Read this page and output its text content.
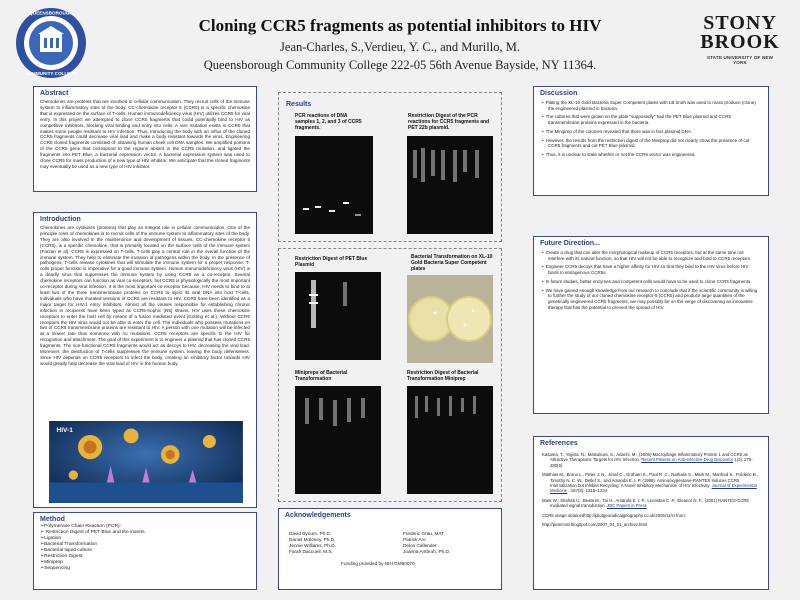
QUEENSBOROUGH
COMMUNITY COLLEGE
Cloning CCR5 fragments as potential inhibitors to HIV
Jean-Charles, S.,Verdieu, Y. C., and Murillo, M.
Queensborough Community College 222-05 56th Avenue Bayside, NY 11364.
STONY
BROOK
STATE UNIVERSITY OF NEW YORK
Abstract
Chemokines are proteins that are involved in cellular communication. They recruit cells of the immune system to inflammatory sites of the body. CC-chemokine receptor 5 (CCR5) is a specific chemokine that is expressed on the surface of T-cells. Human immunodeficiency virus (HIV) utilizes CCR5 for viral entry. In this project we attempted to clone CCR5 fragments that could potentially bind to HIV as competitive inhibitors, blocking viral binding and entry into cells. A rare mutation exists in CCR5 that makes some people resistant to HIV infection. Thus, introducing the body with an influx of the cloned CCR5 fragments could decrease viral load and make a body resistant towards the virus. Engineering CCR5 cloned fragments consisted of: obtaining human cheek cell DNA samples. We amplified portions of the CCR5 gene that correspond to the regions absent in the CCR5 mutation, and ligated the fragments into PET Blue, a bacterial expression vector. A bacterial expression system was used to clone CCR5 for mass production of a new type of HIV inhibitor. We anticipate that the cloned fragments may eventually be used as a new type of HIV inhibitor.
Introduction
Chemokines are cytokines (proteins) that play an integral role in cellular communication. One of the principle roles of chemokines is to recruit cells of the immune system to inflammatory sites of the body. They are also involved in the maintenance and development of tissues. CC-chemokine receptor 5 (CCR5), is a specific chemokine, that is primarily located on the surface cells of the immune system (Farzan et al). CCR5 is expressed on T-cells. T-cells play a central role in the overall function of the immune system. They help to eliminate the invasion of pathogens within the body. In the presence of pathogens, T-cells release cytokines that will stimulate the immune system for a proper response. T-cells proper function is imperative for a good immune system. Human immunodeficiency virus (HIV) is a deadly virus that suppresses the immune system by using CCR5 as a co-receptor. Several chemokine receptors can function as viral co-receptors, but CCR5 is physiologically the most important co-receptor during viral infection. It is the most important co-receptor because, HIV needs to bind to at least two of the three transmembrane proteins on CCR5 to inject its viral DNA into host T-cells. Individuals who have mutated versions of CCR5 are resistant to HIV. CCR5 have been identified as a major target for HIV-1 entry inhibitors. Almost all the viruses responsible for establishing chronic infection in recipients have been typed as CCR5-trophic (R5) strains. HIV uses these chemokine receptors to enter the host cell by means of a fusion mediated event (Gotting et al.). Without CCR5 receptors the HIV virus would not be able to enter the cell. The individuals who possess mutations on two of CCR5 transmembrane proteins are resistant to HIV. A person with one mutation will be infected at a slower rate than someone with no mutations. CCR5 receptors are specific to the HIV for recognition and attachment. The goal of this experiment is to engineer a plasmid that has cloned CCR5 fragments. The non-functional CCR5 fragments would act as decoys to HIV, decreasing the viral load. Moreover, the destruction of T-cells suppresses the immune system, leaving the body defenseless. Since HIV depends on CCR5 receptors to infect the body, creating an inhibitory factor towards HIV would greatly help decrease the viral load of HIV in the human body.
HIV-1
Method
➢Polymerase Chain Reaction (PCR):
➢ Restriction Digest of PET Blue and the inserts.
➢Ligation
➢Bacterial Transformation
➢Bacterial liquid culture
➢Restriction Digest
➢Miniprep
➢Sequencing
Results
PCR reactions of DNA samples 1, 2, and 3 of CCR5 fragments.
Restriction Digest of the PCR reactions for CCR5 fragments and PET 22b plasmid.
Restriction Digest of PET Blue Plasmid
Bacterial Transformation on XL-10 Gold Bacteria Super Competent plates
Minipreps of Bacterial Transformation
Restriction Digest of Bacterial Transformation Miniprep
Acknowledgements
David Bynum, Ph.D.
Daniel Moloney, Ph.D.
Jennie Williams, Ph.D.
Farah Daccueil, M.S.
Frederic Grau, MAT
Patrick Aro
Delon Callender
Joanna Ambroh, Ph.D.
Funding provided by NIH GM50070
Discussion
• Plating the XL-10 Gold Bacteria Super Competent plates with LB broth was used to mass produce (clone) the engineered plasmid in bacteria.
• The cultures that were grown on the plate “supposedly” had the PET Blue plasmid and CCR5 transmembrane proteins expressed in the bacteria.
• The Miniprep of the colonies revealed that there was in fact plasmid DNA.
• However, the results from the restriction digest of the Miniprep did not clearly show the presence of cut CCR5 fragments and cut PET Blue plasmid.
• Thus, it is unclear to state whether or not the CCR5 vector was engineered.
Future Direction...
• Create a drug that can alter the morphological makeup of CCR5 receptors, but at the same time not interfere with its natural function, so that HIV will not be able to recognize and bind to CCR5 receptors.
• Engineer CCR5 decoys that have a higher affinity for HIV so that they bind to the HIV virus before HIV binds to endogenous CCR5s.
• In future studies, better enzymes and competent cells would have to be used to clone CCR5 fragments.
• We have gained enough knowledge from our research to conclude that if the scientific community is willing to further the study of our cloned chemokine receptor-5 (CCR5) and produce large quantities of the genetically engineered CCR5 fragments, we may possibly be on the verge of discovering an innovative therapy that has the potential to prevent the spread of HIV.
References
Kasama, T., Yajima, N., Matsukura, S., Adachi, M., (2006) Macrophage Inflammatory Protein 1 and CCR5 as Attractive Therapeutic Targets for HIV Infection. Recent Patents on Anti-Infective Drug Discovery 1(3), 275-280(6)
Matthias M., Bruno L., Peter J. N., Josef C., Graham S., Paul R. C., Nathalie S., Mark M., Manfred S., Frédéric B., Timothy N. C. W., Detlef S., and Amanda E. I. P. (1998). Aminooxypentane-RANTES Induces CCR5 Internalization but Inhibits Recycling: A Novel Inhibitory Mechanism of HIV Infectivity. Journal of Experimental Medicine . 187(8): 1215–1224
Mark W., Shahab U., Beata M., Tai H., Amanda E. I. P., Leonidas C. P., Eleanor N. F., (2001) RANTES-CCR5 mediated signal transduction. JBC Papers in Press
CCR5 image obtainedhttp://pilotgeoradicalgeography.co.uk/2006/11/cl from:
http://peterrost.blogspot.com/2007_04_01_archive.html
